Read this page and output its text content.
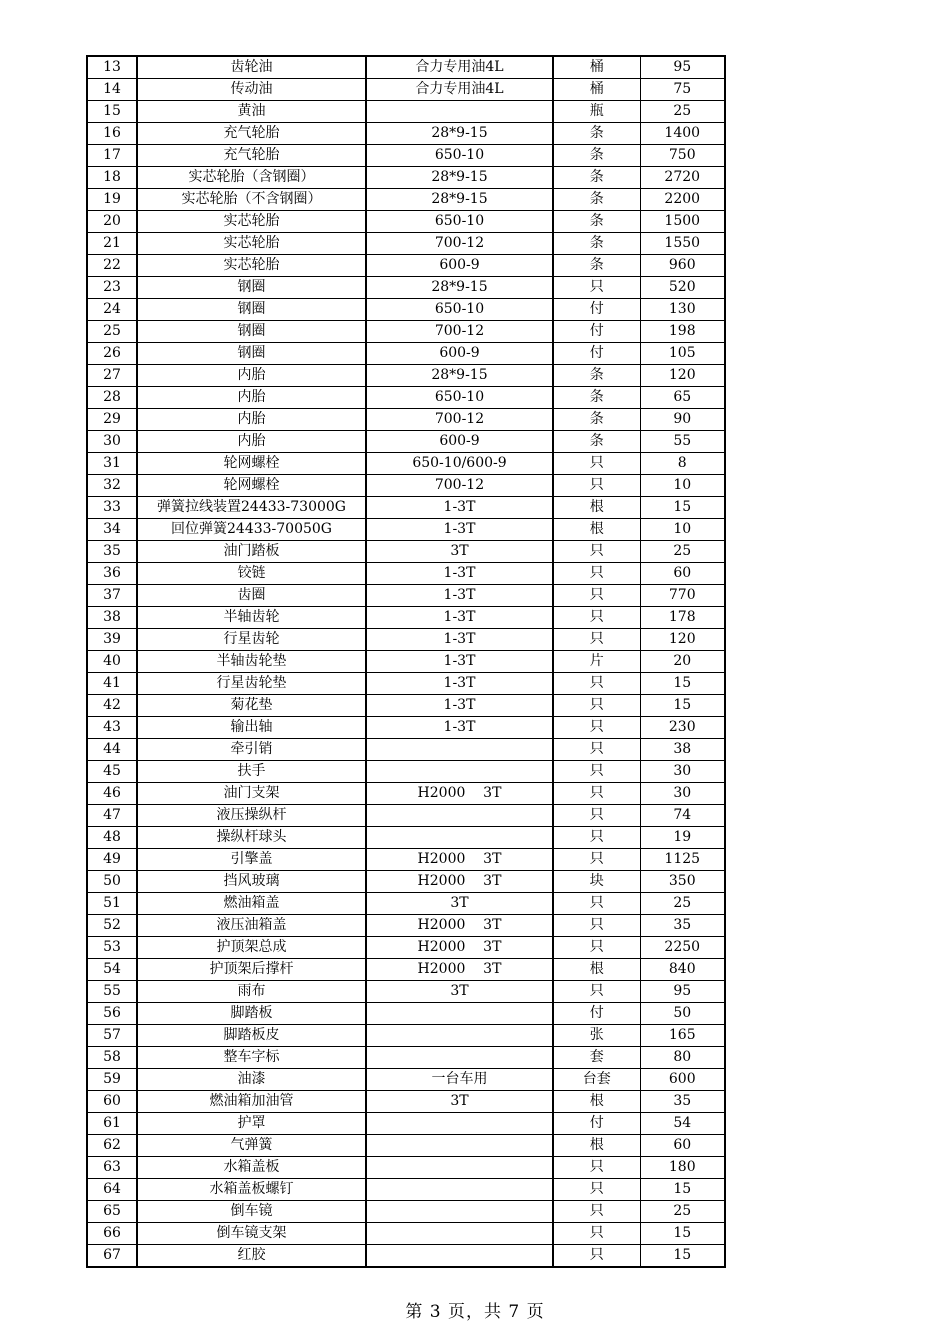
13	齿轮油	合力专用油4L	桶	95
14	传动油	合力专用油4L	桶	75
15	黄油		瓶	25
16	充气轮胎	28*9-15	条	1400
17	充气轮胎	650-10	条	750
18	实芯轮胎（含钢圈）	28*9-15	条	2720
19	实芯轮胎（不含钢圈）	28*9-15	条	2200
20	实芯轮胎	650-10	条	1500
21	实芯轮胎	700-12	条	1550
22	实芯轮胎	600-9	条	960
23	钢圈	28*9-15	只	520
24	钢圈	650-10	付	130
25	钢圈	700-12	付	198
26	钢圈	600-9	付	105
27	内胎	28*9-15	条	120
28	内胎	650-10	条	65
29	内胎	700-12	条	90
30	内胎	600-9	条	55
31	轮网螺栓	650-10/600-9	只	8
32	轮网螺栓	700-12	只	10
33	弹簧拉线装置24433-73000G	1-3T	根	15
34	回位弹簧24433-70050G	1-3T	根	10
35	油门踏板	3T	只	25
36	铰链	1-3T	只	60
37	齿圈	1-3T	只	770
38	半轴齿轮	1-3T	只	178
39	行星齿轮	1-3T	只	120
40	半轴齿轮垫	1-3T	片	20
41	行星齿轮垫	1-3T	只	15
42	菊花垫	1-3T	只	15
43	输出轴	1-3T	只	230
44	牵引销		只	38
45	扶手		只	30
46	油门支架	H2000    3T	只	30
47	液压操纵杆		只	74
48	操纵杆球头		只	19
49	引擎盖	H2000    3T	只	1125
50	挡风玻璃	H2000    3T	块	350
51	燃油箱盖	3T	只	25
52	液压油箱盖	H2000    3T	只	35
53	护顶架总成	H2000    3T	只	2250
54	护顶架后撑杆	H2000    3T	根	840
55	雨布	3T	只	95
56	脚踏板		付	50
57	脚踏板皮		张	165
58	整车字标		套	80
59	油漆	一台车用	台套	600
60	燃油箱加油管	3T	根	35
61	护罩		付	54
62	气弹簧		根	60
63	水箱盖板		只	180
64	水箱盖板螺钉		只	15
65	倒车镜		只	25
66	倒车镜支架		只	15
67	红胶		只	15
第 3 页，共 7 页
